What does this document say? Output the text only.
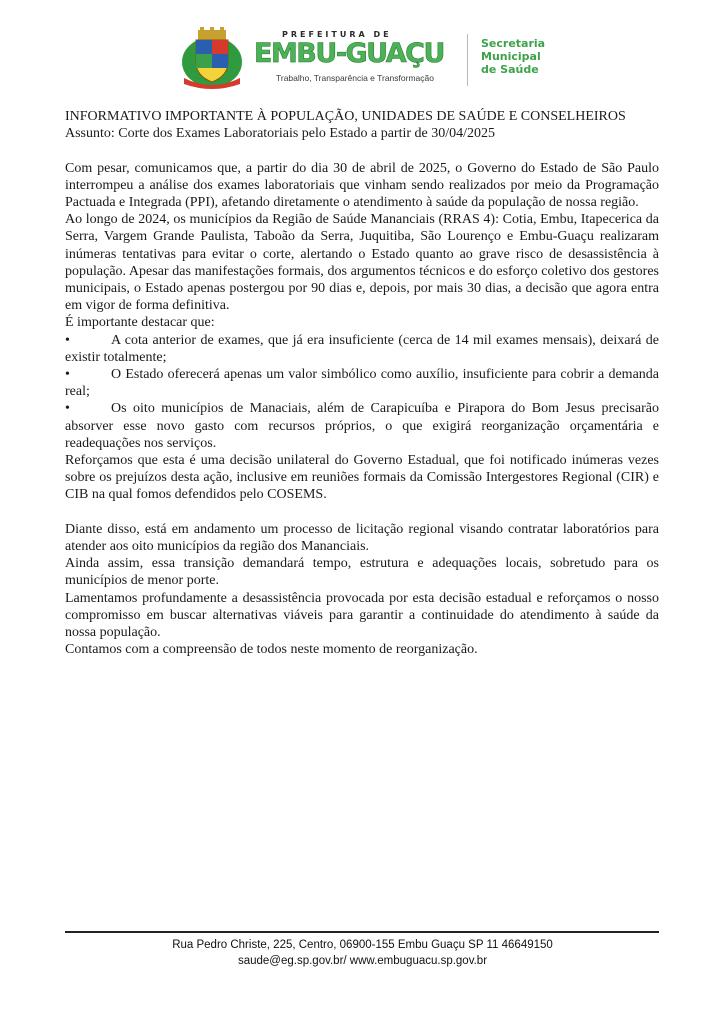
PREFEITURA DE
EMBU-GUAÇU
Trabalho, Transparência e Transformação
Secretaria
Municipal
de Saúde
INFORMATIVO IMPORTANTE À POPULAÇÃO, UNIDADES DE SAÚDE E CONSELHEIROS
Assunto: Corte dos Exames Laboratoriais pelo Estado a partir de 30/04/2025
Com pesar, comunicamos que, a partir do dia 30 de abril de 2025, o Governo do Estado de São Paulo interrompeu a análise dos exames laboratoriais que vinham sendo realizados por meio da Programação Pactuada e Integrada (PPI), afetando diretamente o atendimento à saúde da população de nossa região.
Ao longo de 2024, os municípios da Região de Saúde Mananciais (RRAS 4): Cotia, Embu, Itapecerica da Serra, Vargem Grande Paulista, Taboão da Serra, Juquitiba, São Lourenço e Embu-Guaçu realizaram inúmeras tentativas para evitar o corte, alertando o Estado quanto ao grave risco de desassistência à população. Apesar das manifestações formais, dos argumentos técnicos e do esforço coletivo dos gestores municipais, o Estado apenas postergou por 90 dias e, depois, por mais 30 dias, a decisão que agora entra em vigor de forma definitiva.
É importante destacar que:
•	A cota anterior de exames, que já era insuficiente (cerca de 14 mil exames mensais), deixará de existir totalmente;
•	O Estado oferecerá apenas um valor simbólico como auxílio, insuficiente para cobrir a demanda real;
•	Os oito municípios de Manaciais, além de Carapicuíba e Pirapora do Bom Jesus precisarão absorver esse novo gasto com recursos próprios, o que exigirá reorganização orçamentária e readequações nos serviços.
Reforçamos que esta é uma decisão unilateral do Governo Estadual, que foi notificado inúmeras vezes sobre os prejuízos desta ação, inclusive em reuniões formais da Comissão Intergestores Regional (CIR) e CIB na qual fomos defendidos pelo COSEMS.
Diante disso, está em andamento um processo de licitação regional visando contratar laboratórios para atender aos oito municípios da região dos Mananciais.
Ainda assim, essa transição demandará tempo, estrutura e adequações locais, sobretudo para os municípios de menor porte.
Lamentamos profundamente a desassistência provocada por esta decisão estadual e reforçamos o nosso compromisso em buscar alternativas viáveis para garantir a continuidade do atendimento à saúde da nossa população.
Contamos com a compreensão de todos neste momento de reorganização.
Rua Pedro Christe, 225, Centro, 06900-155 Embu Guaçu SP 11 46649150
saude@eg.sp.gov.br/ www.embuguacu.sp.gov.br
